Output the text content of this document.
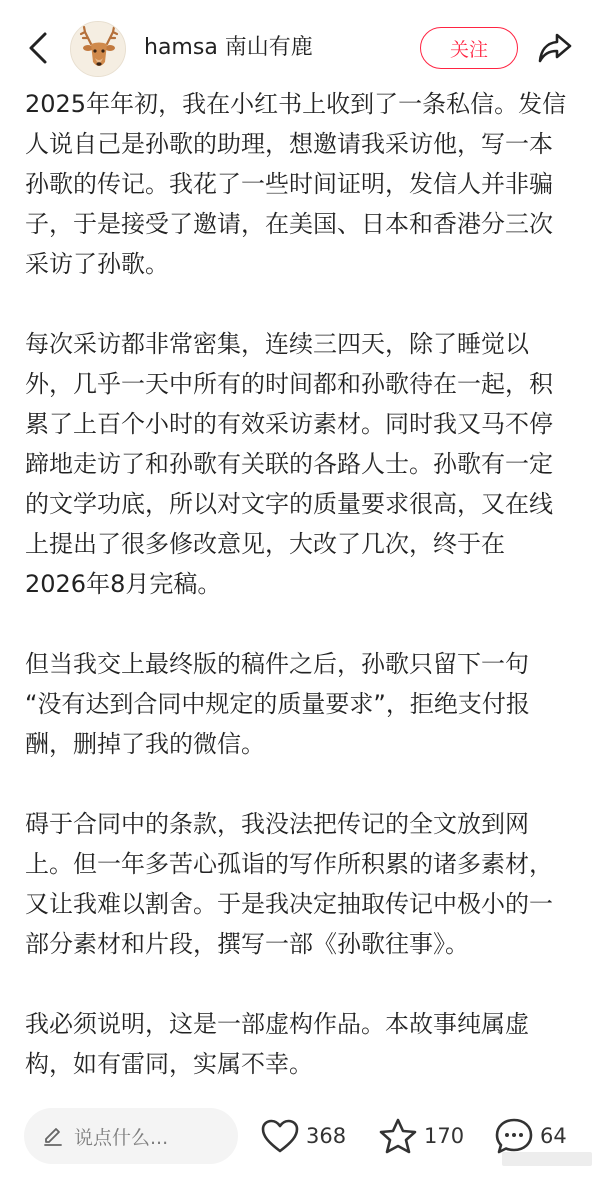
hamsa 南山有鹿	关注
2025年年初，我在小红书上收到了一条私信。发信
人说自己是孙歌的助理，想邀请我采访他，写一本
孙歌的传记。我花了一些时间证明，发信人并非骗
子，于是接受了邀请，在美国、日本和香港分三次
采访了孙歌。
每次采访都非常密集，连续三四天，除了睡觉以
外，几乎一天中所有的时间都和孙歌待在一起，积
累了上百个小时的有效采访素材。同时我又马不停
蹄地走访了和孙歌有关联的各路人士。孙歌有一定
的文学功底，所以对文字的质量要求很高，又在线
上提出了很多修改意见，大改了几次，终于在
2026年8月完稿。
但当我交上最终版的稿件之后，孙歌只留下一句
“没有达到合同中规定的质量要求”，拒绝支付报
酬，删掉了我的微信。
碍于合同中的条款，我没法把传记的全文放到网
上。但一年多苦心孤诣的写作所积累的诸多素材，
又让我难以割舍。于是我决定抽取传记中极小的一
部分素材和片段，撰写一部《孙歌往事》。
我必须说明，这是一部虚构作品。本故事纯属虚
构，如有雷同，实属不幸。
说点什么...	368	170	64
